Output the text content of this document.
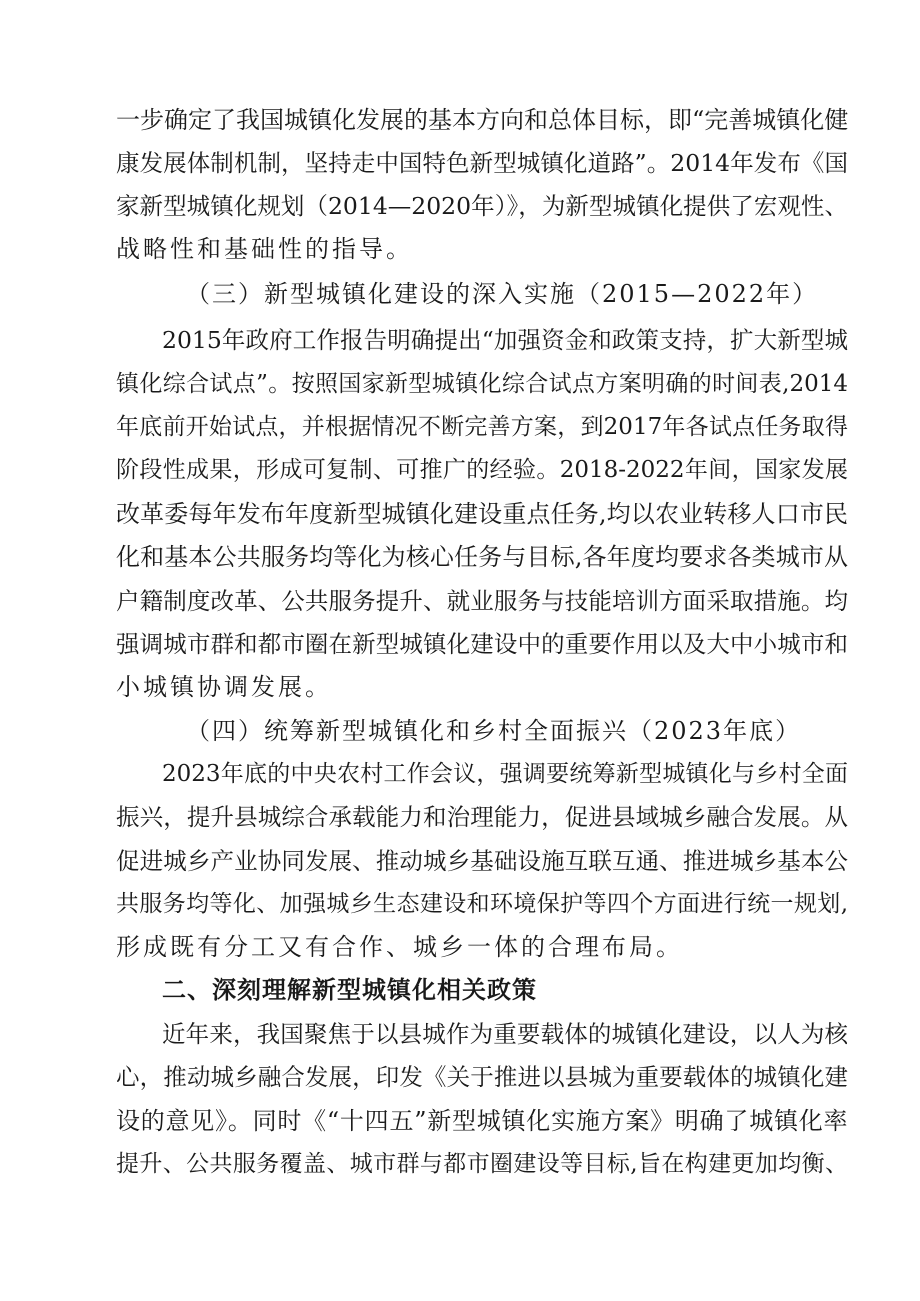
一步确定了我国城镇化发展的基本方向和总体目标，即“完善城镇化健
康发展体制机制，坚持走中国特色新型城镇化道路”。2014年发布《国
家新型城镇化规划（2014—2020年）》，为新型城镇化提供了宏观性、
战略性和基础性的指导。
（三）新型城镇化建设的深入实施（2015—2022年）
2015年政府工作报告明确提出“加强资金和政策支持，扩大新型城
镇化综合试点”。按照国家新型城镇化综合试点方案明确的时间表,2014
年底前开始试点，并根据情况不断完善方案，到2017年各试点任务取得
阶段性成果，形成可复制、可推广的经验。2018-2022年间，国家发展
改革委每年发布年度新型城镇化建设重点任务,均以农业转移人口市民
化和基本公共服务均等化为核心任务与目标,各年度均要求各类城市从
户籍制度改革、公共服务提升、就业服务与技能培训方面采取措施。均
强调城市群和都市圈在新型城镇化建设中的重要作用以及大中小城市和
小城镇协调发展。
（四）统筹新型城镇化和乡村全面振兴（2023年底）
2023年底的中央农村工作会议，强调要统筹新型城镇化与乡村全面
振兴，提升县城综合承载能力和治理能力，促进县域城乡融合发展。从
促进城乡产业协同发展、推动城乡基础设施互联互通、推进城乡基本公
共服务均等化、加强城乡生态建设和环境保护等四个方面进行统一规划,
形成既有分工又有合作、城乡一体的合理布局。
二、深刻理解新型城镇化相关政策
近年来，我国聚焦于以县城作为重要载体的城镇化建设，以人为核
心，推动城乡融合发展，印发《关于推进以县城为重要载体的城镇化建
设的意见》。同时《“十四五”新型城镇化实施方案》明确了城镇化率
提升、公共服务覆盖、城市群与都市圈建设等目标,旨在构建更加均衡、
